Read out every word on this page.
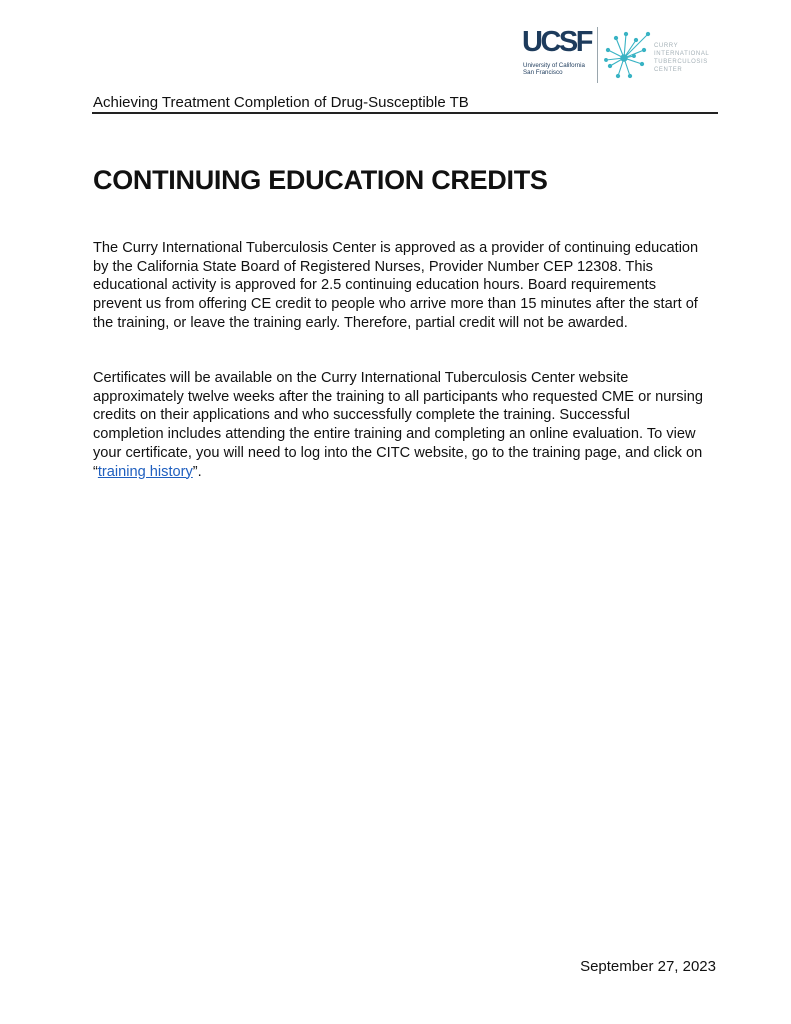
UCSF
University of California
San Francisco
CURRY
INTERNATIONAL
TUBERCULOSIS
CENTER
Achieving Treatment Completion of Drug-Susceptible TB
CONTINUING EDUCATION CREDITS

The Curry International Tuberculosis Center is approved as a provider of continuing education by the California State Board of Registered Nurses, Provider Number CEP 12308. This educational activity is approved for 2.5 continuing education hours. Board requirements prevent us from offering CE credit to people who arrive more than 15 minutes after the start of the training, or leave the training early. Therefore, partial credit will not be awarded.

Certificates will be available on the Curry International Tuberculosis Center website approximately twelve weeks after the training to all participants who requested CME or nursing credits on their applications and who successfully complete the training. Successful completion includes attending the entire training and completing an online evaluation. To view your certificate, you will need to log into the CITC website, go to the training page, and click on “training history”.

September 27, 2023
